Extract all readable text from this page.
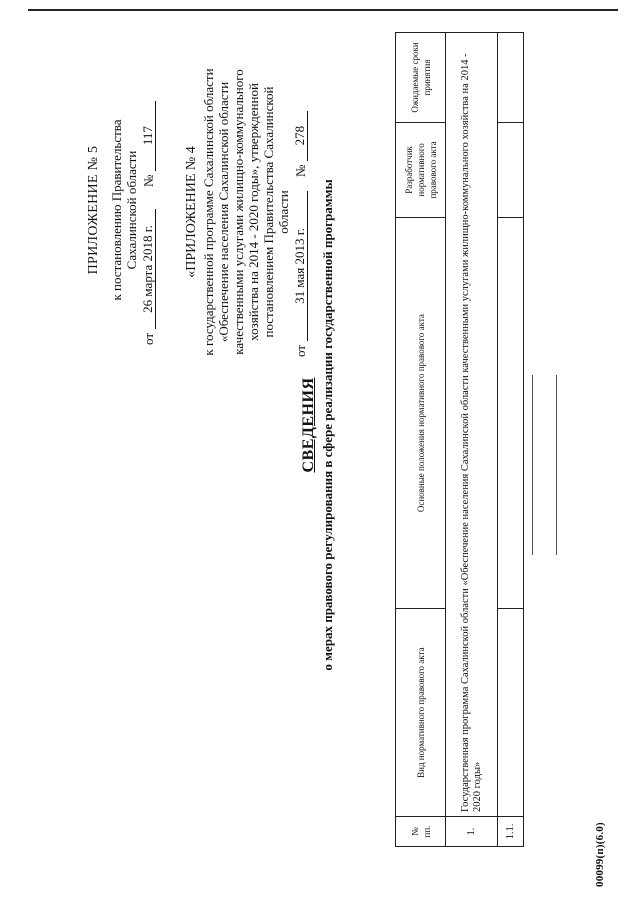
00099(п)(6.0)
ПРИЛОЖЕНИЕ № 5 к постановлению Правительства Сахалинской области
от
26 марта 2018 г.
№
117
«ПРИЛОЖЕНИЕ № 4 к государственной программе Сахалинской области «Обеспечение населения Сахалинской области качественными услугами жилищно-коммунального хозяйства на 2014 - 2020 годы», утвержденной постановлением Правительства Сахалинской области
от
31 мая 2013 г.
№
278
СВЕДЕНИЯ о мерах правового регулирования в сфере реализации государственной программы
№ пп.	Вид нормативного правового акта	Основные положения нормативного правового акта	Разработчик нормативного правового акта	Ожидаемые сроки принятия
1.	Государственная программа Сахалинской области «Обеспечение населения Сахалинской области качественными услугами жилищно-коммунального хозяйства на 2014 - 2020 годы»			
1.1.				
